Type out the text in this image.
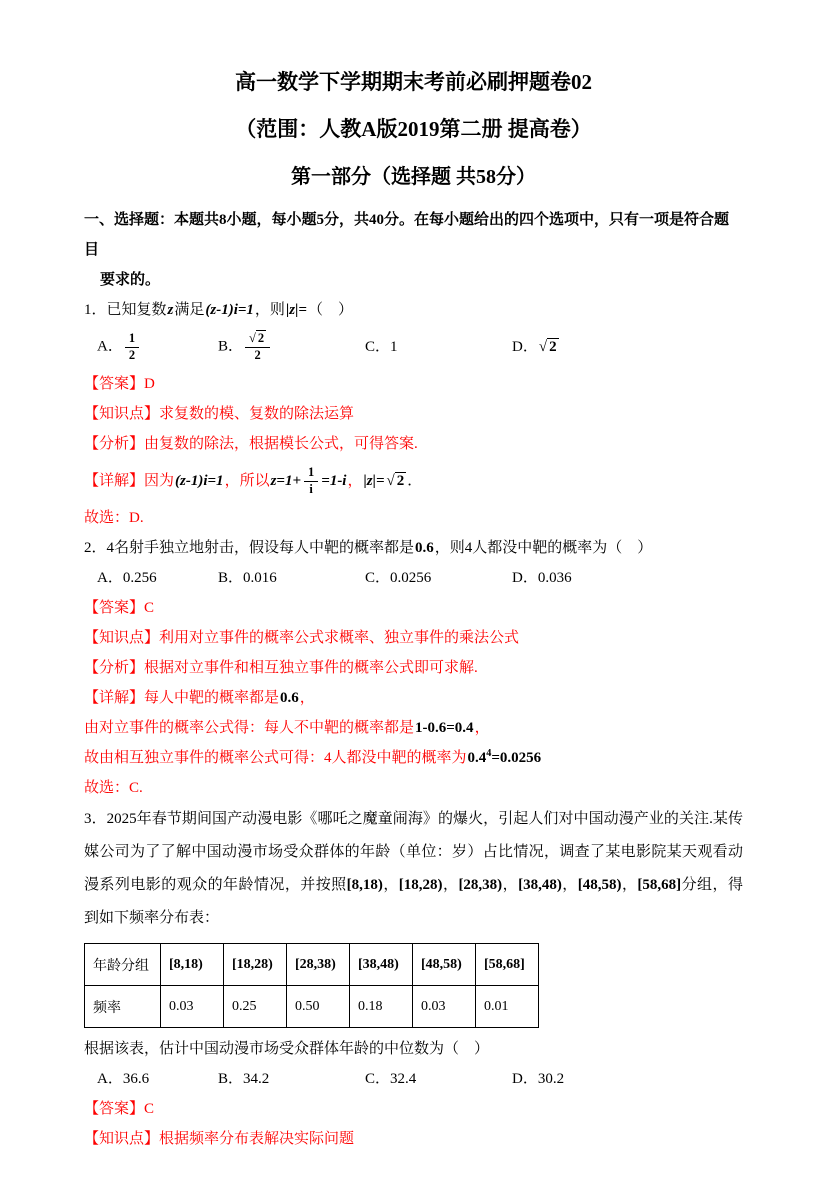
高一数学下学期期末考前必刷押题卷02
（范围：人教A版2019第二册 提高卷）
第一部分（选择题 共58分）
一、选择题：本题共8小题，每小题5分，共40分。在每小题给出的四个选项中，只有一项是符合题目
要求的。
1．已知复数z满足(z-1)i=1，则|z|=（　）
A． $\frac{1}{2}$	B． $\frac{√ 2}{2}$	C．1	D．√ 2
【答案】D
【知识点】求复数的模、复数的除法运算
【分析】由复数的除法，根据模长公式，可得答案.
【详解】因为 (z-1)i=1 ，所以 $z=1+ \frac{1}{i} =1-i$ ， |z|= √ 2 ．
故选：D.
2．4名射手独立地射击，假设每人中靶的概率都是0.6，则4人都没中靶的概率为（　）
A．0.256	B．0.016	C．0.0256	D．0.036
【答案】C
【知识点】利用对立事件的概率公式求概率、独立事件的乘法公式
【分析】根据对立事件和相互独立事件的概率公式即可求解.
【详解】每人中靶的概率都是0.6，
由对立事件的概率公式得：每人不中靶的概率都是1-0.6=0.4，
故由相互独立事件的概率公式可得：4人都没中靶的概率为$0.4^4=0.0256$
故选：C.
3．2025年春节期间国产动漫电影《哪吒之魔童闹海》的爆火，引起人们对中国动漫产业的关注.某传媒公司为了了解中国动漫市场受众群体的年龄（单位：岁）占比情况，调查了某电影院某天观看动漫系列电影的观众的年龄情况，并按照[8,18)，[18,28)，[28,38)，[38,48)，[48,58)，[58,68]分组，得到如下频率分布表：
年龄分组	[8,18)	[18,28)	[28,38)	[38,48)	[48,58)	[58,68]
频率	0.03	0.25	0.50	0.18	0.03	0.01
根据该表，估计中国动漫市场受众群体年龄的中位数为（　）
A．36.6	B．34.2	C．32.4	D．30.2
【答案】C
【知识点】根据频率分布表解决实际问题
